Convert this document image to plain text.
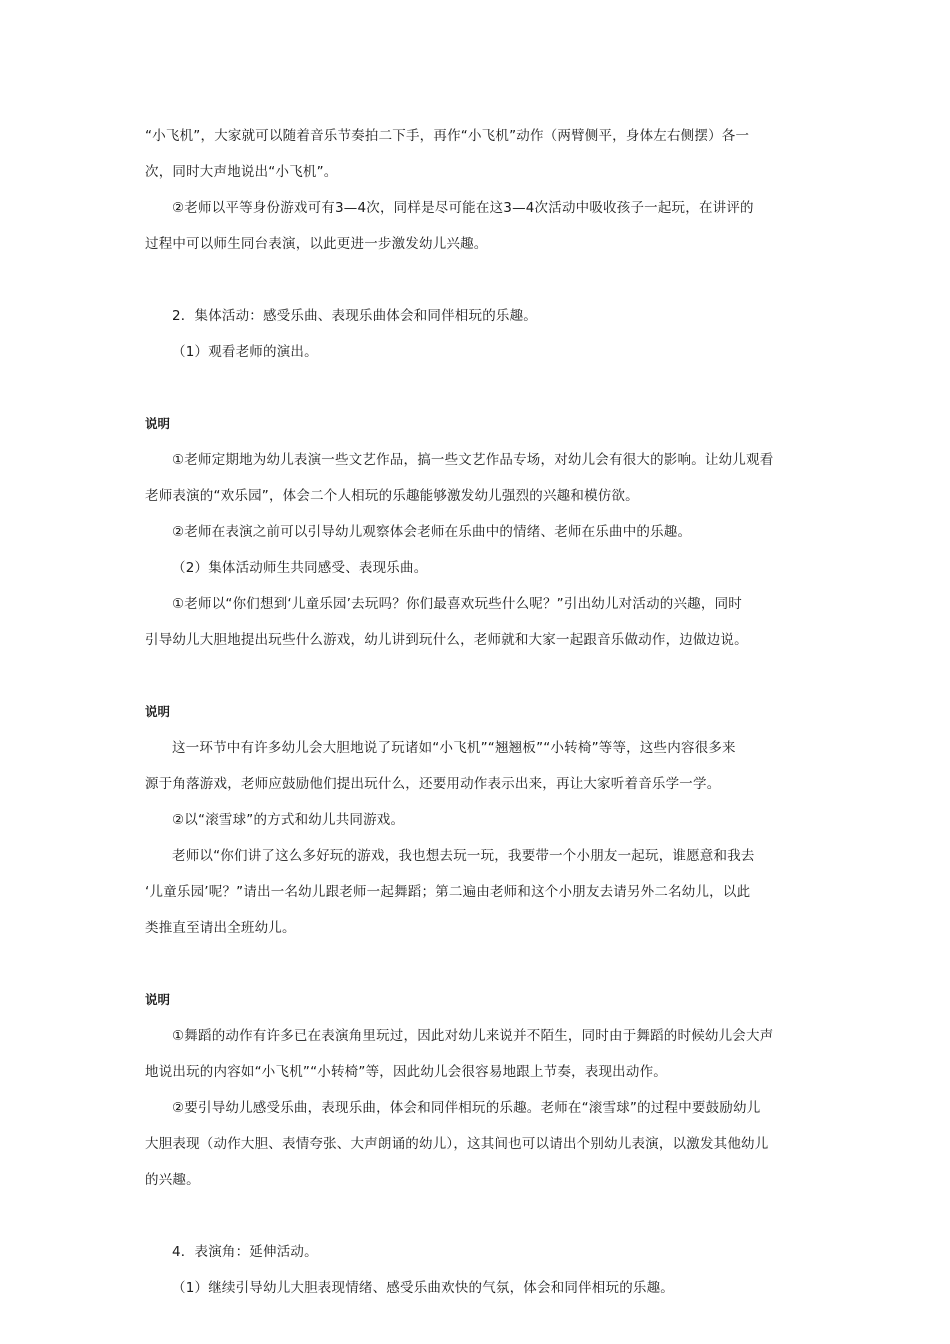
“小飞机”，大家就可以随着音乐节奏拍二下手，再作“小飞机”动作（两臂侧平，身体左右侧摆）各一
次，同时大声地说出“小飞机”。
②老师以平等身份游戏可有3—4次，同样是尽可能在这3—4次活动中吸收孩子一起玩，在讲评的
过程中可以师生同台表演，以此更进一步激发幼儿兴趣。
2．集体活动：感受乐曲、表现乐曲体会和同伴相玩的乐趣。
（1）观看老师的演出。
说明
①老师定期地为幼儿表演一些文艺作品，搞一些文艺作品专场，对幼儿会有很大的影响。让幼儿观看
老师表演的“欢乐园”，体会二个人相玩的乐趣能够激发幼儿强烈的兴趣和模仿欲。
②老师在表演之前可以引导幼儿观察体会老师在乐曲中的情绪、老师在乐曲中的乐趣。
（2）集体活动师生共同感受、表现乐曲。
①老师以“你们想到‘儿童乐园’去玩吗？你们最喜欢玩些什么呢？”引出幼儿对活动的兴趣，同时
引导幼儿大胆地提出玩些什么游戏，幼儿讲到玩什么，老师就和大家一起跟音乐做动作，边做边说。
说明
这一环节中有许多幼儿会大胆地说了玩诸如“小飞机”“翘翘板”“小转椅”等等，这些内容很多来
源于角落游戏，老师应鼓励他们提出玩什么，还要用动作表示出来，再让大家听着音乐学一学。
②以“滚雪球”的方式和幼儿共同游戏。
老师以“你们讲了这么多好玩的游戏，我也想去玩一玩，我要带一个小朋友一起玩，谁愿意和我去
‘儿童乐园’呢？”请出一名幼儿跟老师一起舞蹈；第二遍由老师和这个小朋友去请另外二名幼儿，以此
类推直至请出全班幼儿。
说明
①舞蹈的动作有许多已在表演角里玩过，因此对幼儿来说并不陌生，同时由于舞蹈的时候幼儿会大声
地说出玩的内容如“小飞机”“小转椅”等，因此幼儿会很容易地跟上节奏，表现出动作。
②要引导幼儿感受乐曲，表现乐曲，体会和同伴相玩的乐趣。老师在“滚雪球”的过程中要鼓励幼儿
大胆表现（动作大胆、表情夸张、大声朗诵的幼儿），这其间也可以请出个别幼儿表演，以激发其他幼儿
的兴趣。
4．表演角：延伸活动。
（1）继续引导幼儿大胆表现情绪、感受乐曲欢快的气氛，体会和同伴相玩的乐趣。
